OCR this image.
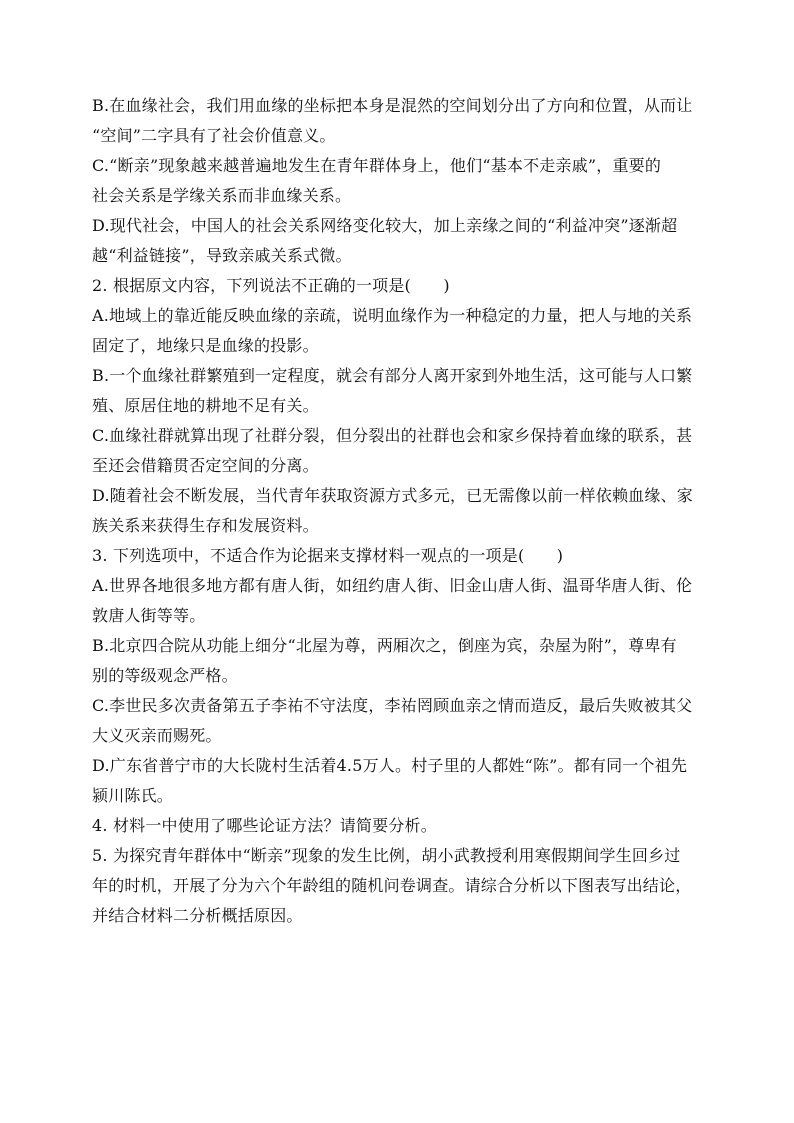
B.在血缘社会，我们用血缘的坐标把本身是混然的空间划分出了方向和位置，从而让
“空间”二字具有了社会价值意义。
C.“断亲”现象越来越普遍地发生在青年群体身上，他们“基本不走亲戚”，重要的
社会关系是学缘关系而非血缘关系。
D.现代社会，中国人的社会关系网络变化较大，加上亲缘之间的“利益冲突”逐渐超
越“利益链接”，导致亲戚关系式微。
2. 根据原文内容，下列说法不正确的一项是(　　)
A.地域上的靠近能反映血缘的亲疏，说明血缘作为一种稳定的力量，把人与地的关系
固定了，地缘只是血缘的投影。
B.一个血缘社群繁殖到一定程度，就会有部分人离开家到外地生活，这可能与人口繁
殖、原居住地的耕地不足有关。
C.血缘社群就算出现了社群分裂，但分裂出的社群也会和家乡保持着血缘的联系，甚
至还会借籍贯否定空间的分离。
D.随着社会不断发展，当代青年获取资源方式多元，已无需像以前一样依赖血缘、家
族关系来获得生存和发展资料。
3. 下列选项中，不适合作为论据来支撑材料一观点的一项是(　　)
A.世界各地很多地方都有唐人街，如纽约唐人街、旧金山唐人街、温哥华唐人街、伦
敦唐人街等等。
B.北京四合院从功能上细分“北屋为尊，两厢次之，倒座为宾，杂屋为附”，尊卑有
别的等级观念严格。
C.李世民多次责备第五子李祐不守法度，李祐罔顾血亲之情而造反，最后失败被其父
大义灭亲而赐死。
D.广东省普宁市的大长陇村生活着4.5万人。村子里的人都姓“陈”。都有同一个祖先
颍川陈氏。
4. 材料一中使用了哪些论证方法？请简要分析。
5. 为探究青年群体中“断亲”现象的发生比例，胡小武教授利用寒假期间学生回乡过
年的时机，开展了分为六个年龄组的随机问卷调查。请综合分析以下图表写出结论，
并结合材料二分析概括原因。
